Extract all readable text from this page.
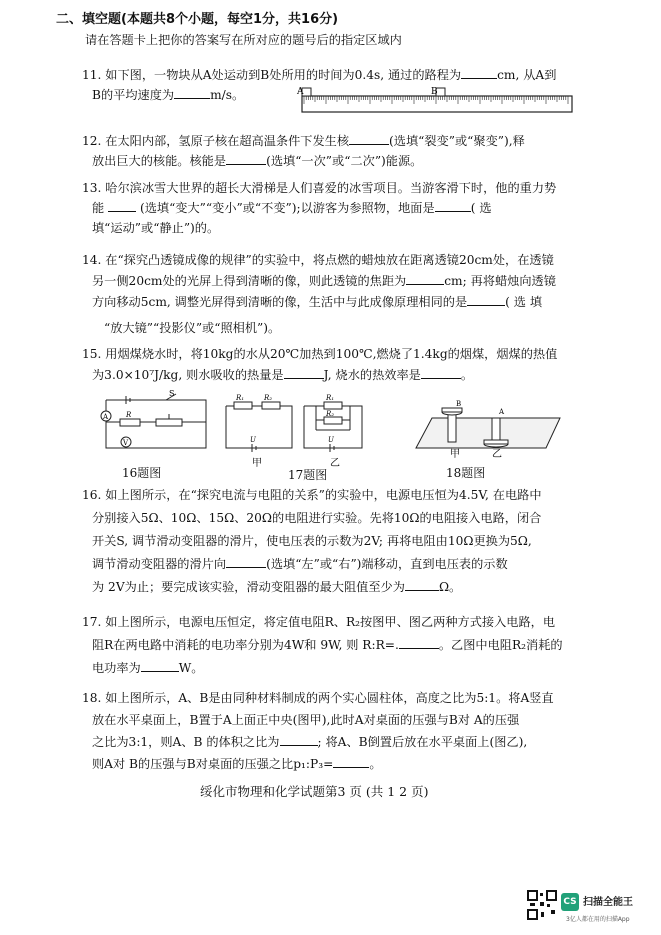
二、填空题(本题共8个小题，每空1分，共16分)
请在答题卡上把你的答案写在所对应的题号后的指定区域内
11. 如下图，一物块从A处运动到B处所用的时间为0.4s, 通过的路程为	cm, 从A到
B的平均速度为	m/s。	A	B
12. 在太阳内部，氢原子核在超高温条件下发生核	(选填“裂变”或“聚变”),释
放出巨大的核能。核能是	(选填“一次”或“二次”)能源。
13. 哈尔滨冰雪大世界的超长大滑梯是人们喜爱的冰雪项目。当游客滑下时，他的重力势
能	(选填“变大”“变小”或“不变”);以游客为参照物，地面是	( 选
填“运动”或“静止”)的。
14. 在“探究凸透镜成像的规律”的实验中，将点燃的蜡烛放在距离透镜20cm处，在透镜
另一侧20cm处的光屏上得到清晰的像，则此透镜的焦距为	cm; 再将蜡烛向透镜
方向移动5cm, 调整光屏得到清晰的像，生活中与此成像原理相同的是	( 选 填
“放大镜”“投影仪”或“照相机”)。
15. 用烟煤烧水时，将10kg的水从20℃加热到100℃,燃烧了1.4kg的烟煤，烟煤的热值
为3.0×10⁷J/kg, 则水吸收的热量是	J, 烧水的热效率是	。
S
A
V
R
16题图
R₁	R₂	R₁
R₂
U	U
甲	乙
17题图
A
B
甲	乙
18题图
16. 如上图所示，在“探究电流与电阻的关系”的实验中，电源电压恒为4.5V, 在电路中
分别接入5Ω、10Ω、15Ω、20Ω的电阻进行实验。先将10Ω的电阻接入电路，闭合
开关S, 调节滑动变阻器的滑片，使电压表的示数为2V; 再将电阻由10Ω更换为5Ω,
调节滑动变阻器的滑片向	(选填“左”或“右”)端移动，直到电压表的示数
为 2V为止；要完成该实验，滑动变阻器的最大阻值至少为	Ω。
17. 如上图所示，电源电压恒定，将定值电阻R、R₂按图甲、图乙两种方式接入电路，电
阻R在两电路中消耗的电功率分别为4W和 9W, 则 R:R=.	。乙图中电阻R₂消耗的
电功率为	W。
18. 如上图所示，A、B是由同种材料制成的两个实心圆柱体，高度之比为5:1。将A竖直
放在水平桌面上，B置于A上面正中央(图甲),此时A对桌面的压强与B对 A的压强
之比为3:1，则A、B 的体积之比为	; 将A、B倒置后放在水平桌面上(图乙),
则A对 B的压强与B对桌面的压强之比p₁:P₃=	。
绥化市物理和化学试题第3 页 (共 1 2 页)
CS 扫描全能王
3亿人都在用的扫描App
